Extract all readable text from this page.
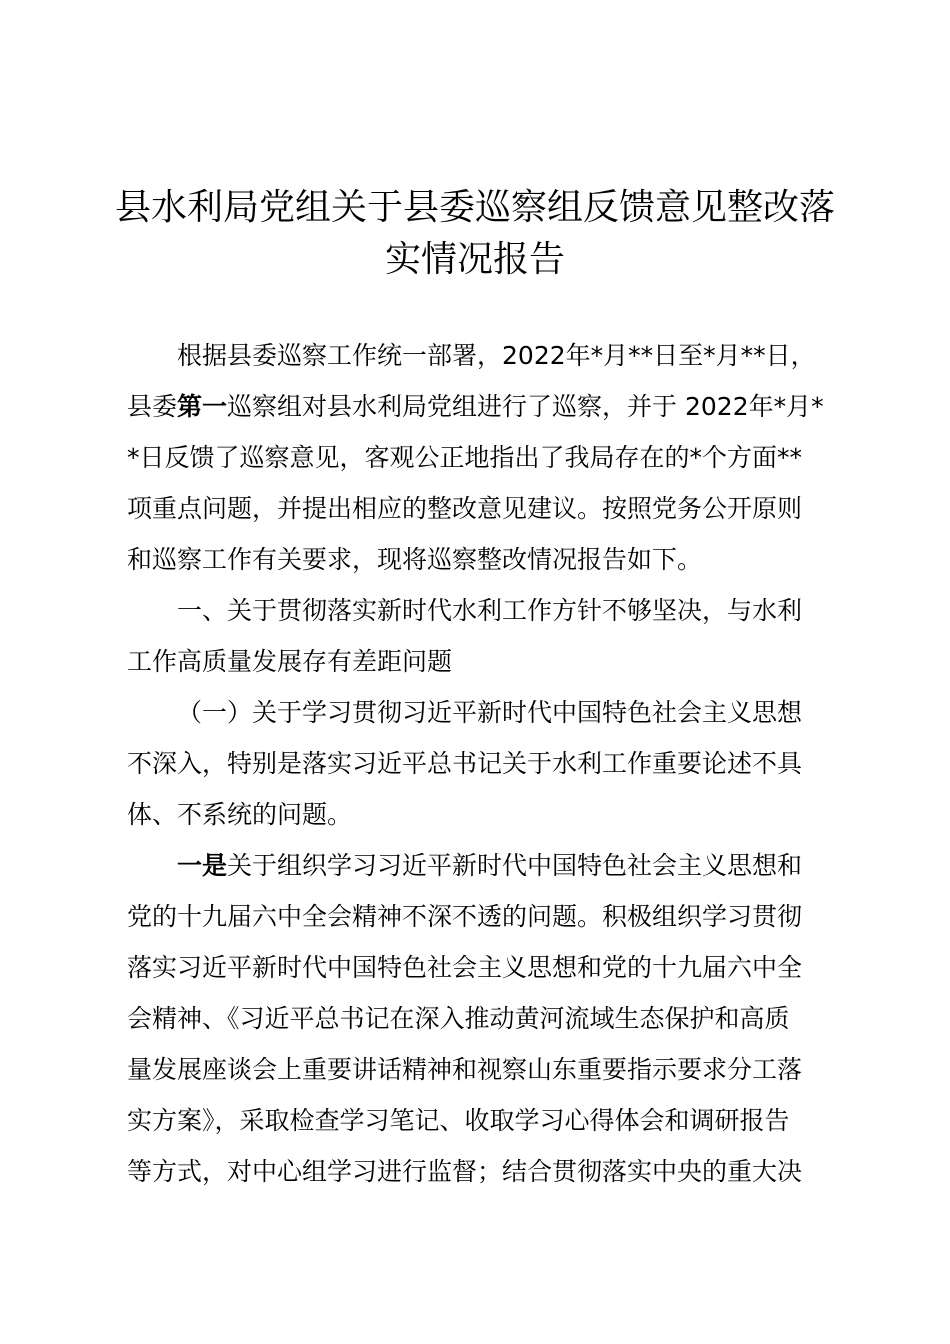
县水利局党组关于县委巡察组反馈意见整改落
实情况报告
根据县委巡察工作统一部署，2022年*月**日至*月**日，
县委第一巡察组对县水利局党组进行了巡察，并于 2022年*月*
*日反馈了巡察意见，客观公正地指出了我局存在的*个方面**
项重点问题，并提出相应的整改意见建议。按照党务公开原则
和巡察工作有关要求，现将巡察整改情况报告如下。
一、关于贯彻落实新时代水利工作方针不够坚决，与水利
工作高质量发展存有差距问题
（一）关于学习贯彻习近平新时代中国特色社会主义思想
不深入，特别是落实习近平总书记关于水利工作重要论述不具
体、不系统的问题。
一是关于组织学习习近平新时代中国特色社会主义思想和
党的十九届六中全会精神不深不透的问题。积极组织学习贯彻
落实习近平新时代中国特色社会主义思想和党的十九届六中全
会精神、《习近平总书记在深入推动黄河流域生态保护和高质
量发展座谈会上重要讲话精神和视察山东重要指示要求分工落
实方案》，采取检查学习笔记、收取学习心得体会和调研报告
等方式，对中心组学习进行监督；结合贯彻落实中央的重大决
